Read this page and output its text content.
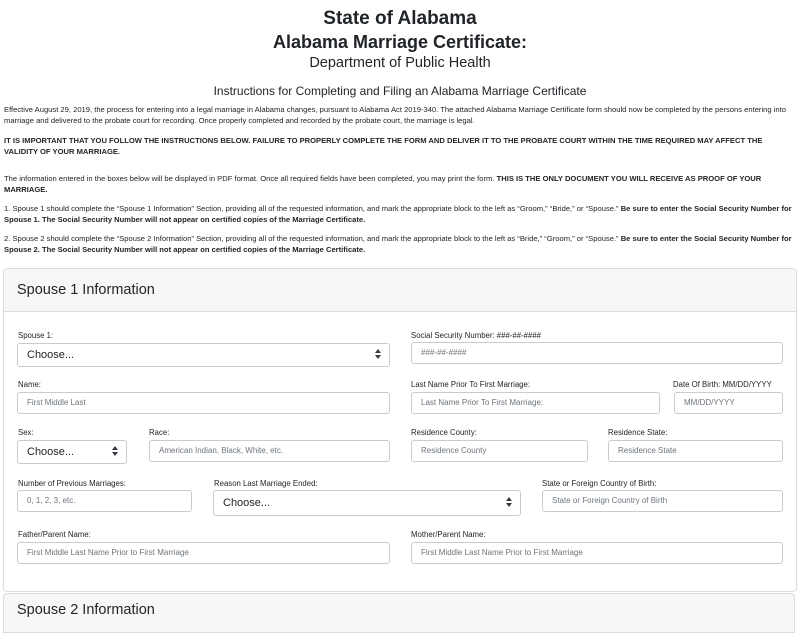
State of Alabama
Alabama Marriage Certificate:
Department of Public Health
Instructions for Completing and Filing an Alabama Marriage Certificate

Effective August 29, 2019, the process for entering into a legal marriage in Alabama changes, pursuant to Alabama Act 2019-340. The attached Alabama Marriage Certificate form should now be completed by the persons entering into marriage and delivered to the probate court for recording. Once properly completed and recorded by the probate court, the marriage is legal.

IT IS IMPORTANT THAT YOU FOLLOW THE INSTRUCTIONS BELOW. FAILURE TO PROPERLY COMPLETE THE FORM AND DELIVER IT TO THE PROBATE COURT WITHIN THE TIME REQUIRED MAY AFFECT THE VALIDITY OF YOUR MARRIAGE.

The information entered in the boxes below will be displayed in PDF format. Once all required fields have been completed, you may print the form. THIS IS THE ONLY DOCUMENT YOU WILL RECEIVE AS PROOF OF YOUR MARRIAGE.

1. Spouse 1 should complete the “Spouse 1 Information” Section, providing all of the requested information, and mark the appropriate block to the left as “Groom,” “Bride,” or “Spouse.” Be sure to enter the Social Security Number for Spouse 1. The Social Security Number will not appear on certified copies of the Marriage Certificate.

2. Spouse 2 should complete the “Spouse 2 Information” Section, providing all of the requested information, and mark the appropriate block to the left as “Bride,” “Groom,” or “Spouse.” Be sure to enter the Social Security Number for Spouse 2. The Social Security Number will not appear on certified copies of the Marriage Certificate.

Spouse 1 Information
Spouse 1:
Choose...
Social Security Number: ###-##-####
###-##-####
Name:
First Middle Last
Last Name Prior To First Marriage:
Last Name Prior To First Marriage:
Date Of Birth: MM/DD/YYYY
MM/DD/YYYY
Sex:
Choose...
Race:
American Indian, Black, White, etc.
Residence County:
Residence County
Residence State:
Residence State
Number of Previous Marriages:
0, 1, 2, 3, etc.
Reason Last Marriage Ended:
Choose...
State or Foreign Country of Birth:
State or Foreign Country of Birth
Father/Parent Name:
First Middle Last Name Prior to First Marriage
Mother/Parent Name:
First Middle Last Name Prior to First Marriage
Spouse 2 Information
